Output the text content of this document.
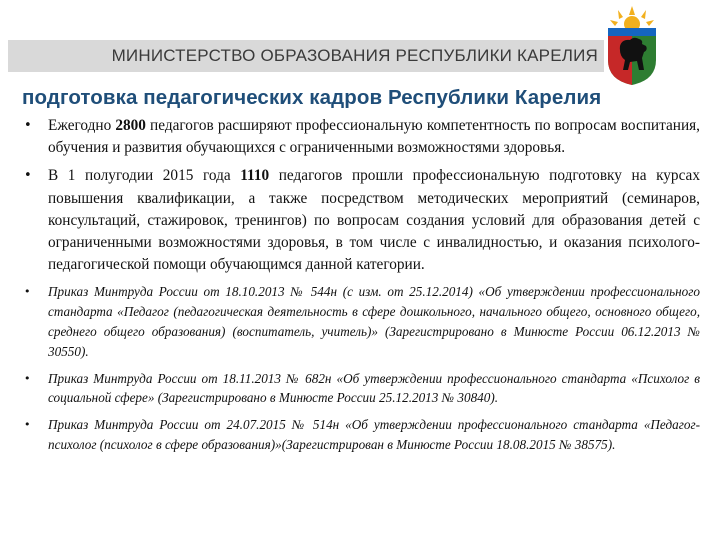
МИНИСТЕРСТВО ОБРАЗОВАНИЯ РЕСПУБЛИКИ КАРЕЛИЯ
подготовка педагогических кадров Республики Карелия
• Ежегодно 2800 педагогов расширяют профессиональную компетентность по вопросам воспитания, обучения и развития обучающихся с ограниченными возможностями здоровья.
• В 1 полугодии 2015 года 1110 педагогов прошли профессиональную подготовку на курсах повышения квалификации, а также посредством методических мероприятий (семинаров, консультаций, стажировок, тренингов) по вопросам создания условий для образования детей с ограниченными возможностями здоровья, в том числе с инвалидностью, и оказания психолого-педагогической помощи обучающимся данной категории.
• Приказ Минтруда России от 18.10.2013 № 544н (с изм. от 25.12.2014) «Об утверждении профессионального стандарта «Педагог (педагогическая деятельность в сфере дошкольного, начального общего, основного общего, среднего общего образования) (воспитатель, учитель)» (Зарегистрировано в Минюсте России 06.12.2013 № 30550).
• Приказ Минтруда России от 18.11.2013 № 682н «Об утверждении профессионального стандарта «Психолог в социальной сфере» (Зарегистрировано в Минюсте России 25.12.2013 № 30840).
• Приказ Минтруда России от 24.07.2015 № 514н «Об утверждении профессионального стандарта «Педагог-психолог (психолог в сфере образования)»(Зарегистрирован в Минюсте России 18.08.2015 № 38575).
